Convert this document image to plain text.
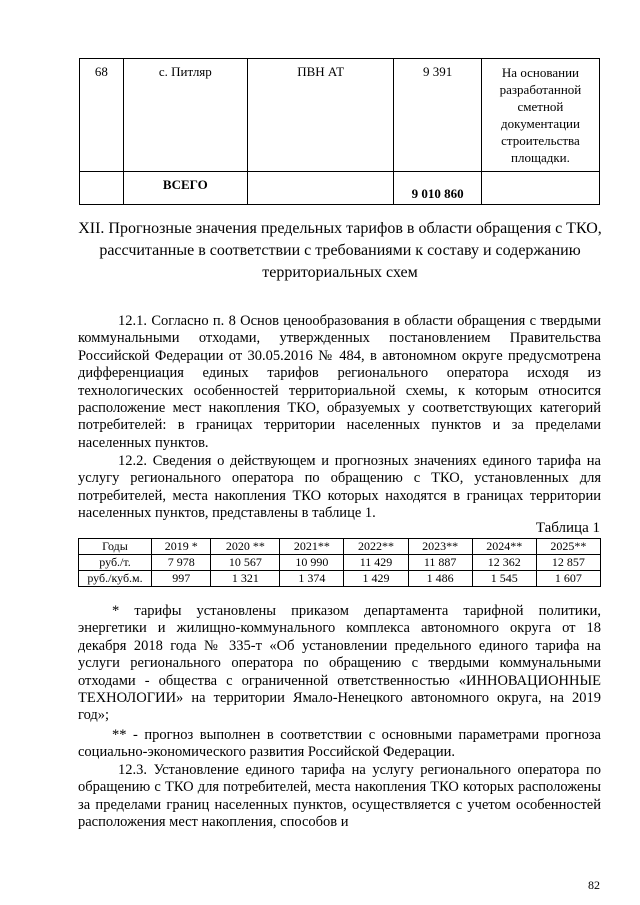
68	с. Питляр	ПВН АТ	9 391	На основании разработанной сметной документации строительства площадки.
	ВСЕГО		9 010 860	
XII. Прогнозные значения предельных тарифов в области обращения с ТКО, рассчитанные в соответствии с требованиями к составу и содержанию территориальных схем
12.1. Согласно п. 8 Основ ценообразования в области обращения с твердыми коммунальными отходами, утвержденных постановлением Правительства Российской Федерации от 30.05.2016 № 484, в автономном округе предусмотрена дифференциация единых тарифов регионального оператора исходя из технологических особенностей территориальной схемы, к которым относится расположение мест накопления ТКО, образуемых у соответствующих категорий потребителей: в границах территории населенных пунктов и за пределами населенных пунктов.
12.2. Сведения о действующем и прогнозных значениях единого тарифа на услугу регионального оператора по обращению с ТКО, установленных для потребителей, места накопления ТКО которых находятся в границах территории населенных пунктов, представлены в таблице 1.
Таблица 1
Годы	2019 *	2020 **	2021**	2022**	2023**	2024**	2025**
руб./т.	7 978	10 567	10 990	11 429	11 887	12 362	12 857
руб./куб.м.	997	1 321	1 374	1 429	1 486	1 545	1 607
* тарифы установлены приказом департамента тарифной политики, энергетики и жилищно-коммунального комплекса автономного округа от 18 декабря 2018 года № 335-т «Об установлении предельного единого тарифа на услуги регионального оператора по обращению с твердыми коммунальными отходами - общества с ограниченной ответственностью «ИННОВАЦИОННЫЕ ТЕХНОЛОГИИ» на территории Ямало-Ненецкого автономного округа, на 2019 год»;
** - прогноз выполнен в соответствии с основными параметрами прогноза социально-экономического развития Российской Федерации.
12.3. Установление единого тарифа на услугу регионального оператора по обращению с ТКО для потребителей, места накопления ТКО которых расположены за пределами границ населенных пунктов, осуществляется с учетом особенностей расположения мест накопления, способов и
82
